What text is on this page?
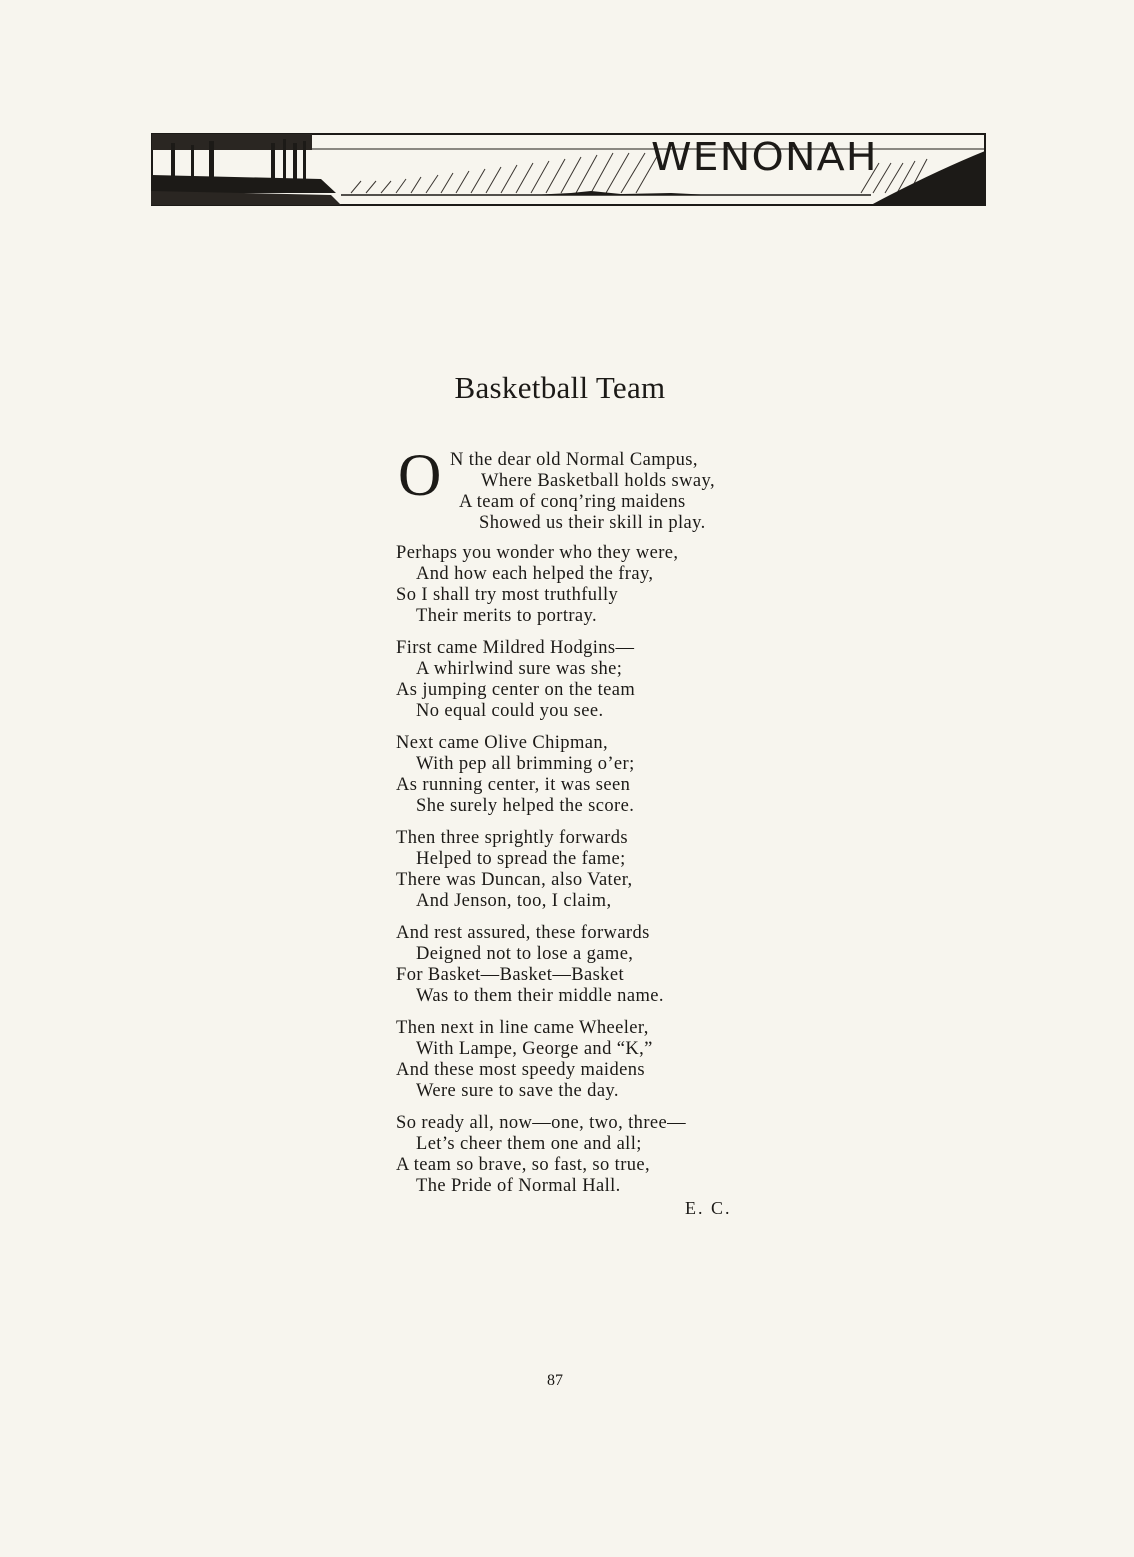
WENONAH
Basketball Team
O N the dear old Normal Campus,
Where Basketball holds sway,
A team of conq’ring maidens
Showed us their skill in play.
Perhaps you wonder who they were,
And how each helped the fray,
So I shall try most truthfully
Their merits to portray.
First came Mildred Hodgins—
A whirlwind sure was she;
As jumping center on the team
No equal could you see.
Next came Olive Chipman,
With pep all brimming o’er;
As running center, it was seen
She surely helped the score.
Then three sprightly forwards
Helped to spread the fame;
There was Duncan, also Vater,
And Jenson, too, I claim,
And rest assured, these forwards
Deigned not to lose a game,
For Basket—Basket—Basket
Was to them their middle name.
Then next in line came Wheeler,
With Lampe, George and “K,”
And these most speedy maidens
Were sure to save the day.
So ready all, now—one, two, three—
Let’s cheer them one and all;
A team so brave, so fast, so true,
The Pride of Normal Hall.
E. C.
87
